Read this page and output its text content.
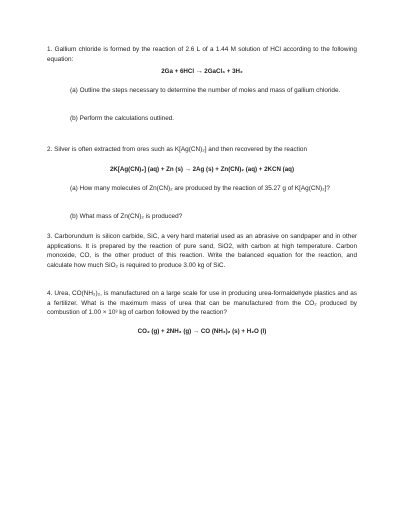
1. Gallium chloride is formed by the reaction of 2.6 L of a 1.44 M solution of HCl according to the following equation:

2Ga + 6HCl→2GaCl₃ + 3H₂

(a) Outline the steps necessary to determine the number of moles and mass of gallium chloride.

(b) Perform the calculations outlined.

2. Silver is often extracted from ores such as K[Ag(CN)₂] and then recovered by the reaction

2K[Ag(CN)₂] (aq) + Zn (s) → 2Ag (s) + Zn(CN)₂ (aq) + 2KCN (aq)

(a) How many molecules of Zn(CN)₂ are produced by the reaction of 35.27 g of K[Ag(CN)₂]?

(b) What mass of Zn(CN)₂ is produced?

3. Carborundum is silicon carbide, SiC, a very hard material used as an abrasive on sandpaper and in other applications. It is prepared by the reaction of pure sand, SiO2, with carbon at high temperature. Carbon monoxide, CO, is the other product of this reaction. Write the balanced equation for the reaction, and calculate how much SiO₂ is required to produce 3.00 kg of SiC.

4. Urea, CO(NH₂)₂, is manufactured on a large scale for use in producing urea-formaldehyde plastics and as a fertilizer. What is the maximum mass of urea that can be manufactured from the CO₂ produced by combustion of 1.00 × 10³ kg of carbon followed by the reaction?

CO₂ (g) + 2NH₃ (g) → CO (NH₂)₂ (s) + H₂O (l)
